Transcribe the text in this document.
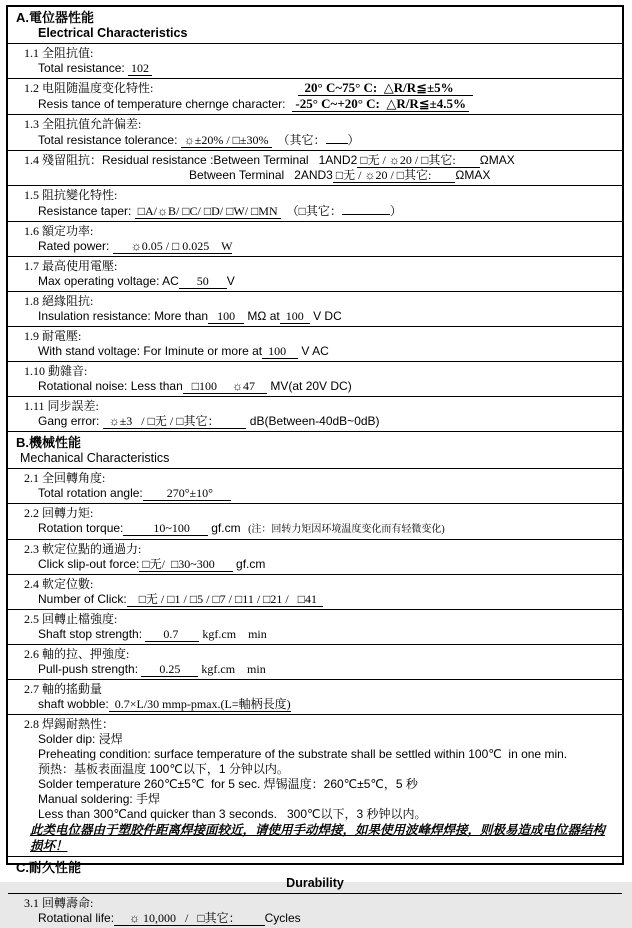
A.電位器性能
Electrical Characteristics
1.1 全阻抗值:
Total resistance:  102
1.2 电阻随温度变化特性:	20° C~75° C:  △R/R≦±5%
Resis tance of temperature chernge character:   -25° C~+20° C:  △R/R≦±4.5%
1.3 全阻抗值允許偏差:
Total resistance tolerance:  ☼±20% / □±30%   （其它： ）
1.4 殘留阻抗：Residual resistance :Between Terminal   1AND2 □无 / ☼20 / □其它:        ΩMAX
Between Terminal   2AND3 □无 / ☼20 / □其它:        ΩMAX
1.5 阻抗變化特性:
Resistance taper:  □A/☼B/ □C/ □D/ □W/ □MN   （□其它：	）
1.6 額定功率:
Rated power:       ☼0.05 / □ 0.025    W
1.7 最高使用電壓:
Max operating voltage: AC      50      V
1.8 絕緣阻抗:
Insulation resistance: More than   100    MΩ at  100   V DC
1.9 耐電壓:
With stand voltage: For Iminute or more at  100     V AC
1.10 動雜音:
Rotational noise: Less than   □100     ☼47     MV(at 20V DC)
1.11 同步誤差:
Gang error:   ☼±3   / □无 / □其它：          dB(Between-40dB~0dB)
B.機械性能
Mechanical Characteristics
2.1 全回轉角度:
Total rotation angle:        270°±10°
2.2 回轉力矩:
Rotation torque:          10~100       gf.cm   (注：回转力矩因环境温度变化而有轻微变化)
2.3 軟定位點的通過力:
Click slip-out force: □无/  □30~300       gf.cm
2.4 軟定位數:
Number of Click:    □无 / □1 / □5 / □7 / □11 / □21 /   □41
2.5 回轉止檔強度:
Shaft stop strength:       0.7        kgf.cm    min
2.6 軸的拉、押強度:
Pull-push strength:       0.25       kgf.cm    min
2.7 軸的搖動量
shaft wobble:  0.7×L/30 mmp-pmax.(L=軸柄長度)
2.8 焊錫耐熱性：
Solder dip: 浸焊
Preheating condition: surface temperature of the substrate shall be settled within 100℃  in one min.
预热：基板表面温度 100℃以下，1 分钟以内。
Solder temperature 260℃±5℃  for 5 sec. 焊锡温度：260℃±5℃，5 秒
Manual soldering: 手焊
Less than 300℃and quicker than 3 seconds.   300℃以下，3 秒钟以内。
此类电位器由于塑胶件距离焊接面较近，请使用手动焊接，如果使用波峰焊焊接，则极易造成电位器结构
损坏！
C.耐久性能
Durability
3.1 回轉壽命:
Rotational life:     ☼ 10,000   /   □其它：        Cycles
